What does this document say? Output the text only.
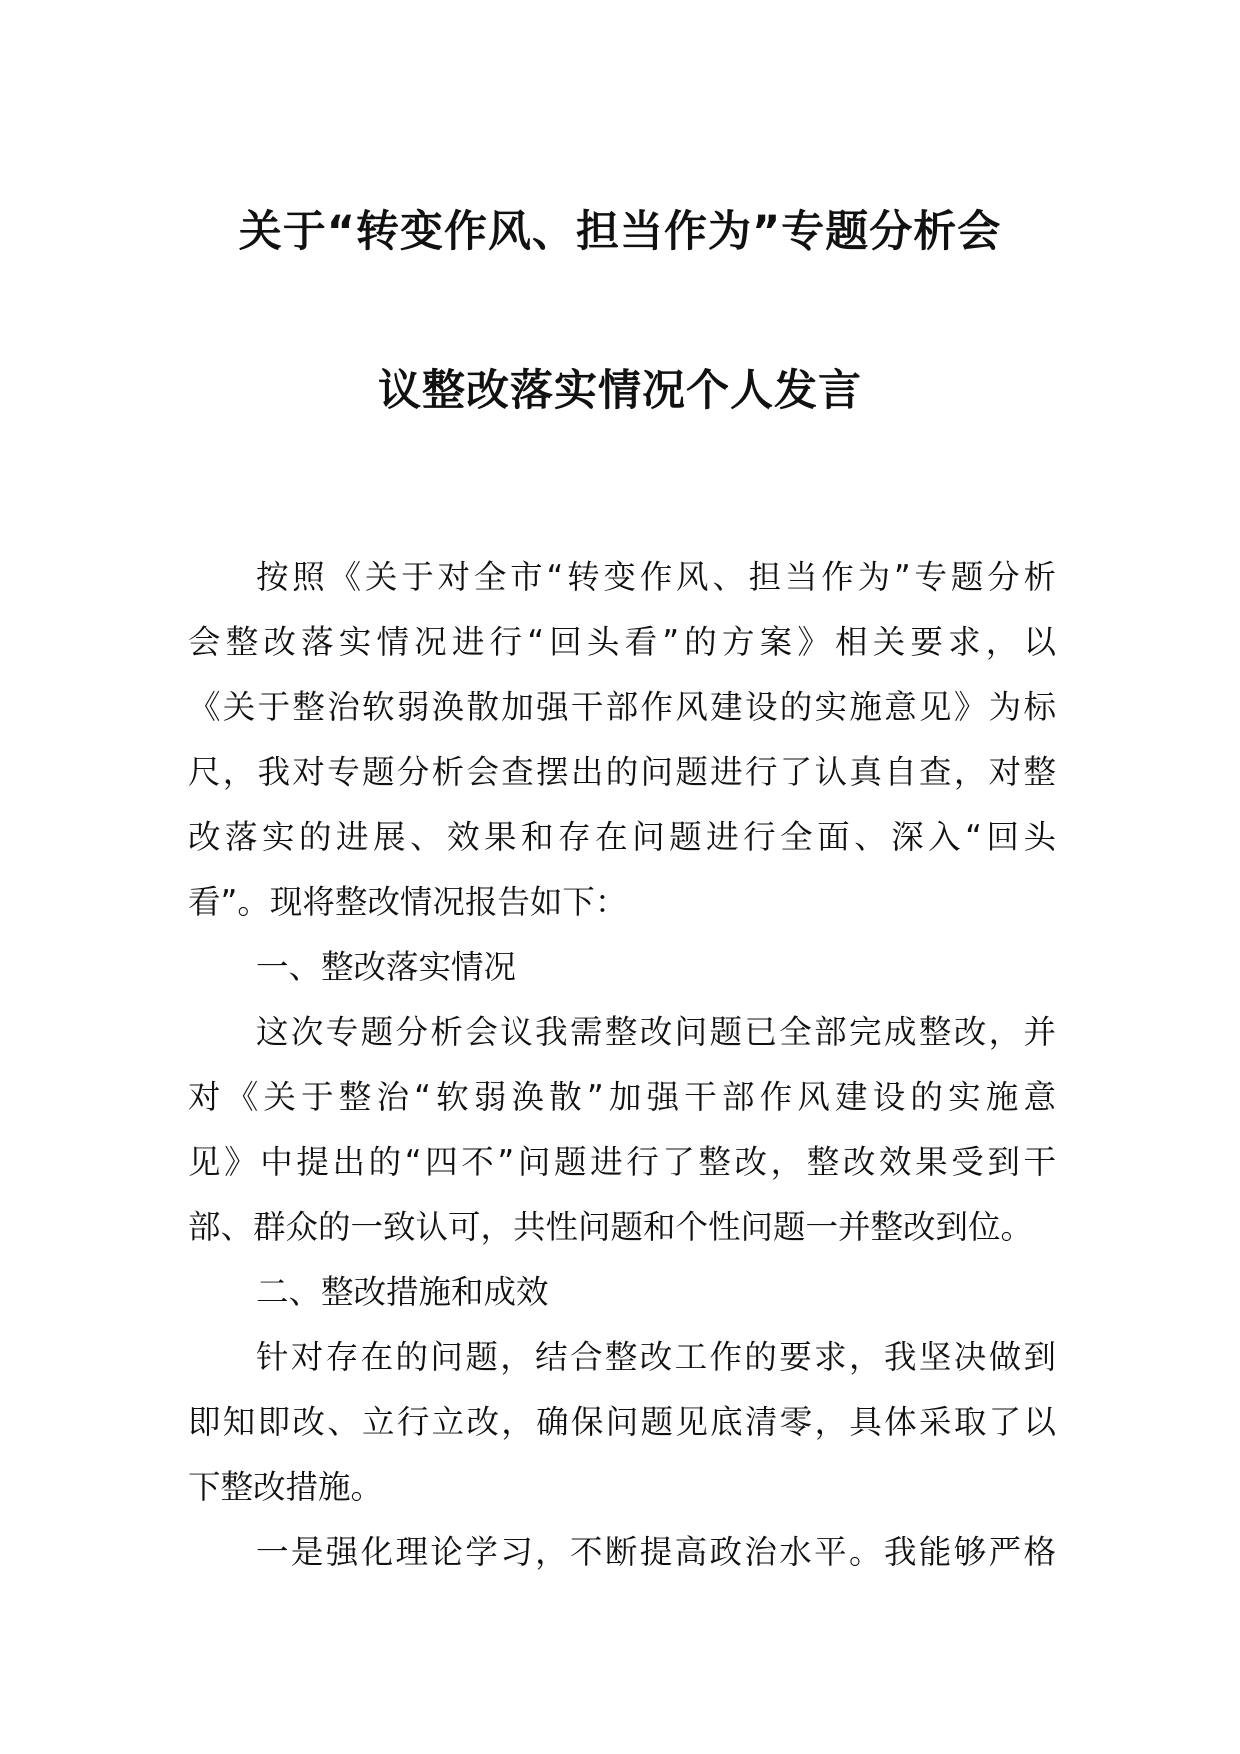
关于“转变作风、担当作为”专题分析会
议整改落实情况个人发言
按照《关于对全市“转变作风、担当作为”专题分析
会整改落实情况进行“回头看”的方案》相关要求，以
《关于整治软弱涣散加强干部作风建设的实施意见》为标
尺，我对专题分析会查摆出的问题进行了认真自查，对整
改落实的进展、效果和存在问题进行全面、深入“回头
看”。现将整改情况报告如下：
一、整改落实情况
这次专题分析会议我需整改问题已全部完成整改，并
对《关于整治“软弱涣散”加强干部作风建设的实施意
见》中提出的“四不”问题进行了整改，整改效果受到干
部、群众的一致认可，共性问题和个性问题一并整改到位。
二、整改措施和成效
针对存在的问题，结合整改工作的要求，我坚决做到
即知即改、立行立改，确保问题见底清零，具体采取了以
下整改措施。
一是强化理论学习，不断提高政治水平。我能够严格
